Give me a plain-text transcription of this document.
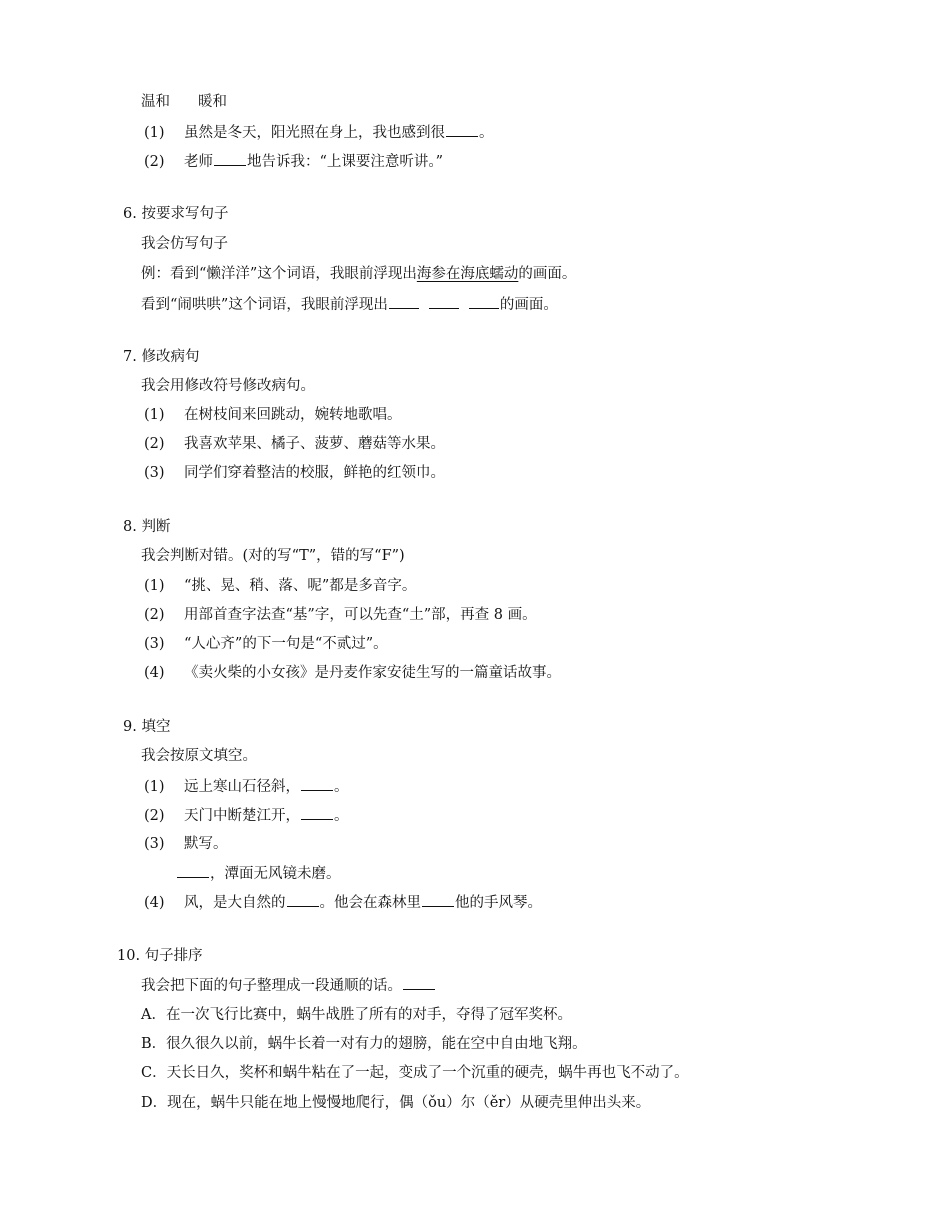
温和 暖和
(1) 虽然是冬天，阳光照在身上，我也感到很 。
(2) 老师 地告诉我：“上课要注意听讲。”
6. 按要求写句子
我会仿写句子
例：看到“懒洋洋”这个词语，我眼前浮现出海参在海底蠕动的画面。
看到“闹哄哄”这个词语，我眼前浮现出	的画面。
7. 修改病句
我会用修改符号修改病句。
(1) 在树枝间来回跳动，婉转地歌唱。
(2) 我喜欢苹果、橘子、菠萝、蘑菇等水果。
(3) 同学们穿着整洁的校服，鲜艳的红领巾。
8. 判断
我会判断对错。(对的写“T”，错的写“F”)
(1) “挑、晃、稍、落、呢”都是多音字。
(2) 用部首查字法查“基”字，可以先查“土”部，再查 8 画。
(3) “人心齐”的下一句是“不贰过”。
(4) 《卖火柴的小女孩》是丹麦作家安徒生写的一篇童话故事。
9. 填空
我会按原文填空。
(1) 远上寒山石径斜， 。
(2) 天门中断楚江开， 。
(3) 默写。
，潭面无风镜未磨。
(4) 风，是大自然的 。他会在森林里 他的手风琴。
10. 句子排序
我会把下面的句子整理成一段通顺的话。
A．在一次飞行比赛中，蜗牛战胜了所有的对手，夺得了冠军奖杯。
B．很久很久以前，蜗牛长着一对有力的翅膀，能在空中自由地飞翔。
C．天长日久，奖杯和蜗牛粘在了一起，变成了一个沉重的硬壳，蜗牛再也飞不动了。
D．现在，蜗牛只能在地上慢慢地爬行，偶（ǒu）尔（ěr）从硬壳里伸出头来。
